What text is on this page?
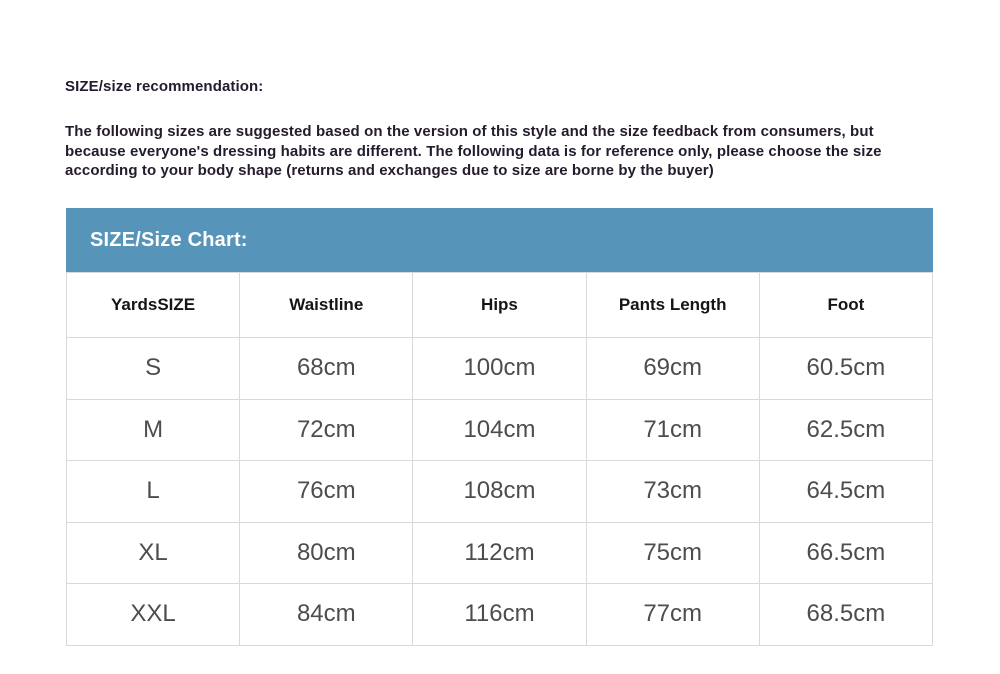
SIZE/size recommendation:

The following sizes are suggested based on the version of this style and the size feedback from consumers, but because everyone's dressing habits are different. The following data is for reference only, please choose the size according to your body shape (returns and exchanges due to size are borne by the buyer)

SIZE/Size Chart:
YardsSIZE	Waistline	Hips	Pants Length	Foot
S	68cm	100cm	69cm	60.5cm
M	72cm	104cm	71cm	62.5cm
L	76cm	108cm	73cm	64.5cm
XL	80cm	112cm	75cm	66.5cm
XXL	84cm	116cm	77cm	68.5cm
